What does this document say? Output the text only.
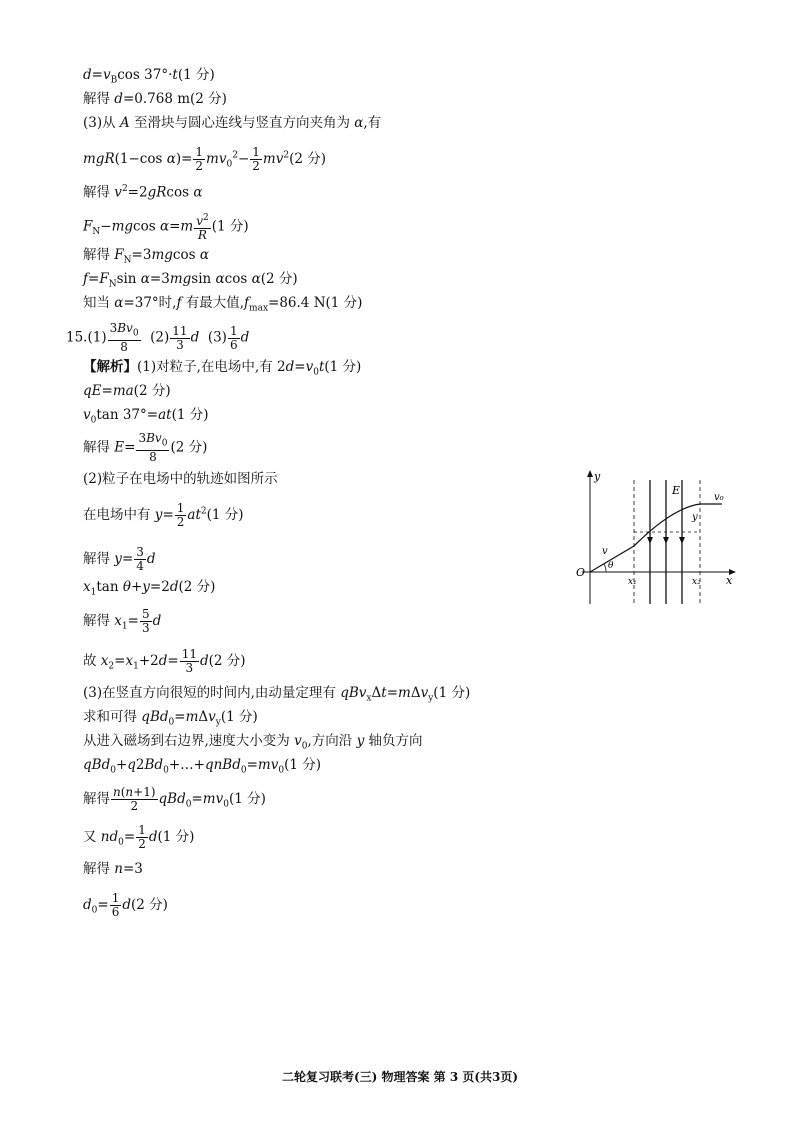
$d=v_B\cos$ 37°·t(1 分)
解得 d=0.768 m(2 分)
(3)从 A 至滑块与圆心连线与竖直方向夹角为 α,有
mgR(1−cos $\alpha)= \frac{1}{2} mv_0^2- \frac{1}{2} mv^2(2$ 分)
解得 $v^2=2gRcos$ α
$F_N-mgcos$ $\alpha=m \frac{v^2}{R} (1$ 分)
解得 $F_N=3mgcos$ α
$f=F_N\sin$ α=3mgsin αcos α(2 分)
知当 α=37°时,f 有最大值$,f_{max}=86.4$ N(1 分)
$15.(1) \frac{3Bv_0}{8} (2) \frac{11}{3}$ d  $(3) \frac{1}{6}$ d
【解析】(1)对粒子,在电场中,有 $2d=v_0t(1$ 分)
qE=ma(2 分)
$v_0\tan$ 37°=at(1 分)
解得 $E= \frac{3Bv_0}{8} (2$ 分)
(2)粒子在电场中的轨迹如图所示
在电场中有 $y= \frac{1}{2} at^2(1$ 分)
解得 $y= \frac{3}{4}$ d
$x_1\tan$ θ+y=2d(2 分)
解得 $x_1= \frac{5}{3}$ d
故 $x_2=x_1+2d= \frac{11}{3} d(2$ 分)
(3)在竖直方向很短的时间内,由动量定理有 qBv$_x$Δt=mΔv$_y$(1 分)
求和可得 qBd$_0$=mΔv$_y$(1 分)
从进入磁场到右边界,速度大小变为 $v_0$,方向沿 y 轴负方向
$qBd_0+q2Bd_0+\dots+qnBd_0=mv_0(1$ 分)
解得 $\frac{n(n+1)}{2} qBd_0=mv_0(1$ 分)
又 $nd_0= \frac{1}{2} d(1$ 分)
解得 n=3
$d_0= \frac{1}{6} d(2$ 分)
y
x
O
E
v₀
v
θ
y
x₁	x₂
二轮复习联考(三) 物理答案 第 3 页(共3页)
